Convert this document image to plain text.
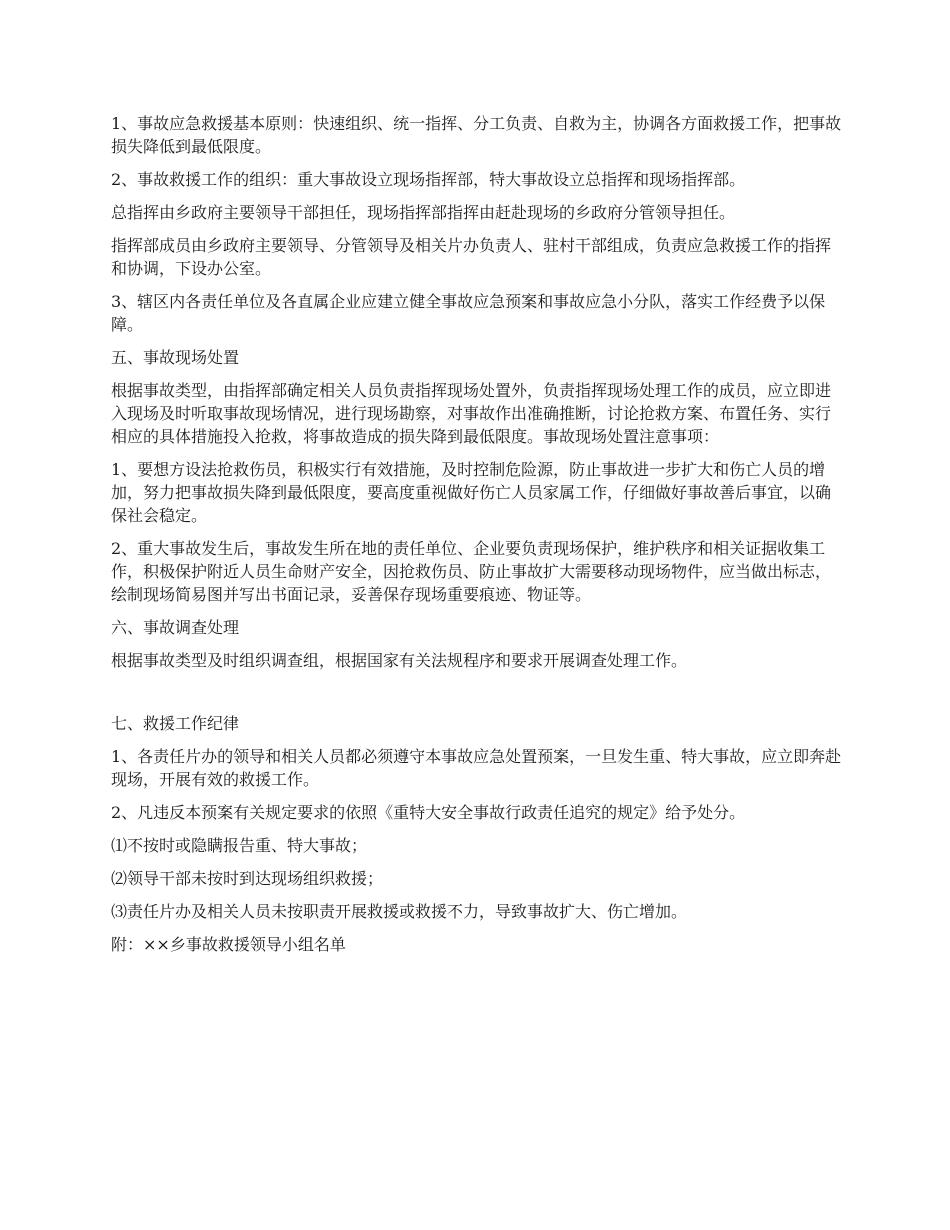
1、事故应急救援基本原则：快速组织、统一指挥、分工负责、自救为主，协调各方面救援工作，把事故损失降低到最低限度。

2、事故救援工作的组织：重大事故设立现场指挥部，特大事故设立总指挥和现场指挥部。

总指挥由乡政府主要领导干部担任，现场指挥部指挥由赶赴现场的乡政府分管领导担任。

指挥部成员由乡政府主要领导、分管领导及相关片办负责人、驻村干部组成，负责应急救援工作的指挥和协调，下设办公室。

3、辖区内各责任单位及各直属企业应建立健全事故应急预案和事故应急小分队，落实工作经费予以保障。

五、事故现场处置

根据事故类型，由指挥部确定相关人员负责指挥现场处置外，负责指挥现场处理工作的成员，应立即进入现场及时听取事故现场情况，进行现场勘察，对事故作出准确推断，讨论抢救方案、布置任务、实行相应的具体措施投入抢救，将事故造成的损失降到最低限度。事故现场处置注意事项：

1、要想方设法抢救伤员，积极实行有效措施，及时控制危险源，防止事故进一步扩大和伤亡人员的增加，努力把事故损失降到最低限度，要高度重视做好伤亡人员家属工作，仔细做好事故善后事宜，以确保社会稳定。

2、重大事故发生后，事故发生所在地的责任单位、企业要负责现场保护，维护秩序和相关证据收集工作，积极保护附近人员生命财产安全，因抢救伤员、防止事故扩大需要移动现场物件，应当做出标志，绘制现场简易图并写出书面记录，妥善保存现场重要痕迹、物证等。

六、事故调查处理

根据事故类型及时组织调查组，根据国家有关法规程序和要求开展调查处理工作。

七、救援工作纪律

1、各责任片办的领导和相关人员都必须遵守本事故应急处置预案，一旦发生重、特大事故，应立即奔赴现场，开展有效的救援工作。

2、凡违反本预案有关规定要求的依照《重特大安全事故行政责任追究的规定》给予处分。

⑴不按时或隐瞒报告重、特大事故；

⑵领导干部未按时到达现场组织救援；

⑶责任片办及相关人员未按职责开展救援或救援不力，导致事故扩大、伤亡增加。

附：××乡事故救援领导小组名单
